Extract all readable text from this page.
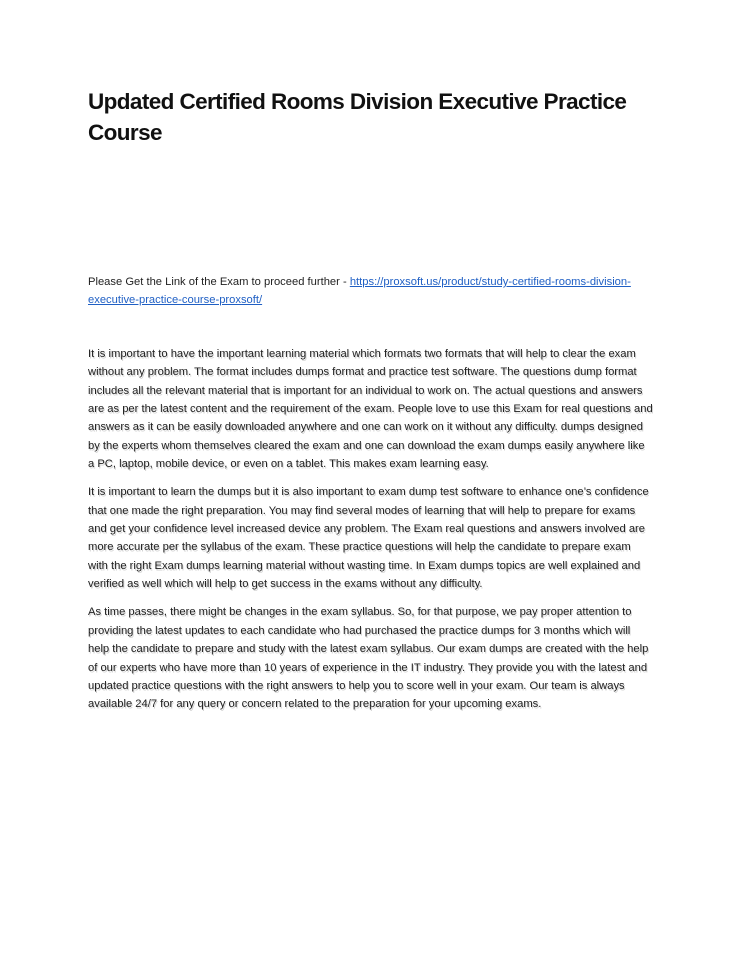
Updated Certified Rooms Division Executive Practice Course

Please Get the Link of the Exam to proceed further - https://proxsoft.us/product/study-certified-rooms-division-executive-practice-course-proxsoft/

It is important to have the important learning material which formats two formats that will help to clear the exam without any problem. The format includes dumps format and practice test software. The questions dump format includes all the relevant material that is important for an individual to work on. The actual questions and answers are as per the latest content and the requirement of the exam. People love to use this Exam for real questions and answers as it can be easily downloaded anywhere and one can work on it without any difficulty. dumps designed by the experts whom themselves cleared the exam and one can download the exam dumps easily anywhere like a PC, laptop, mobile device, or even on a tablet. This makes exam learning easy.

It is important to learn the dumps but it is also important to exam dump test software to enhance one’s confidence that one made the right preparation. You may find several modes of learning that will help to prepare for exams and get your confidence level increased device any problem. The Exam real questions and answers involved are more accurate per the syllabus of the exam. These practice questions will help the candidate to prepare exam with the right Exam dumps learning material without wasting time. In Exam dumps topics are well explained and verified as well which will help to get success in the exams without any difficulty.

As time passes, there might be changes in the exam syllabus. So, for that purpose, we pay proper attention to providing the latest updates to each candidate who had purchased the practice dumps for 3 months which will help the candidate to prepare and study with the latest exam syllabus. Our exam dumps are created with the help of our experts who have more than 10 years of experience in the IT industry. They provide you with the latest and updated practice questions with the right answers to help you to score well in your exam. Our team is always available 24/7 for any query or concern related to the preparation for your upcoming exams.
